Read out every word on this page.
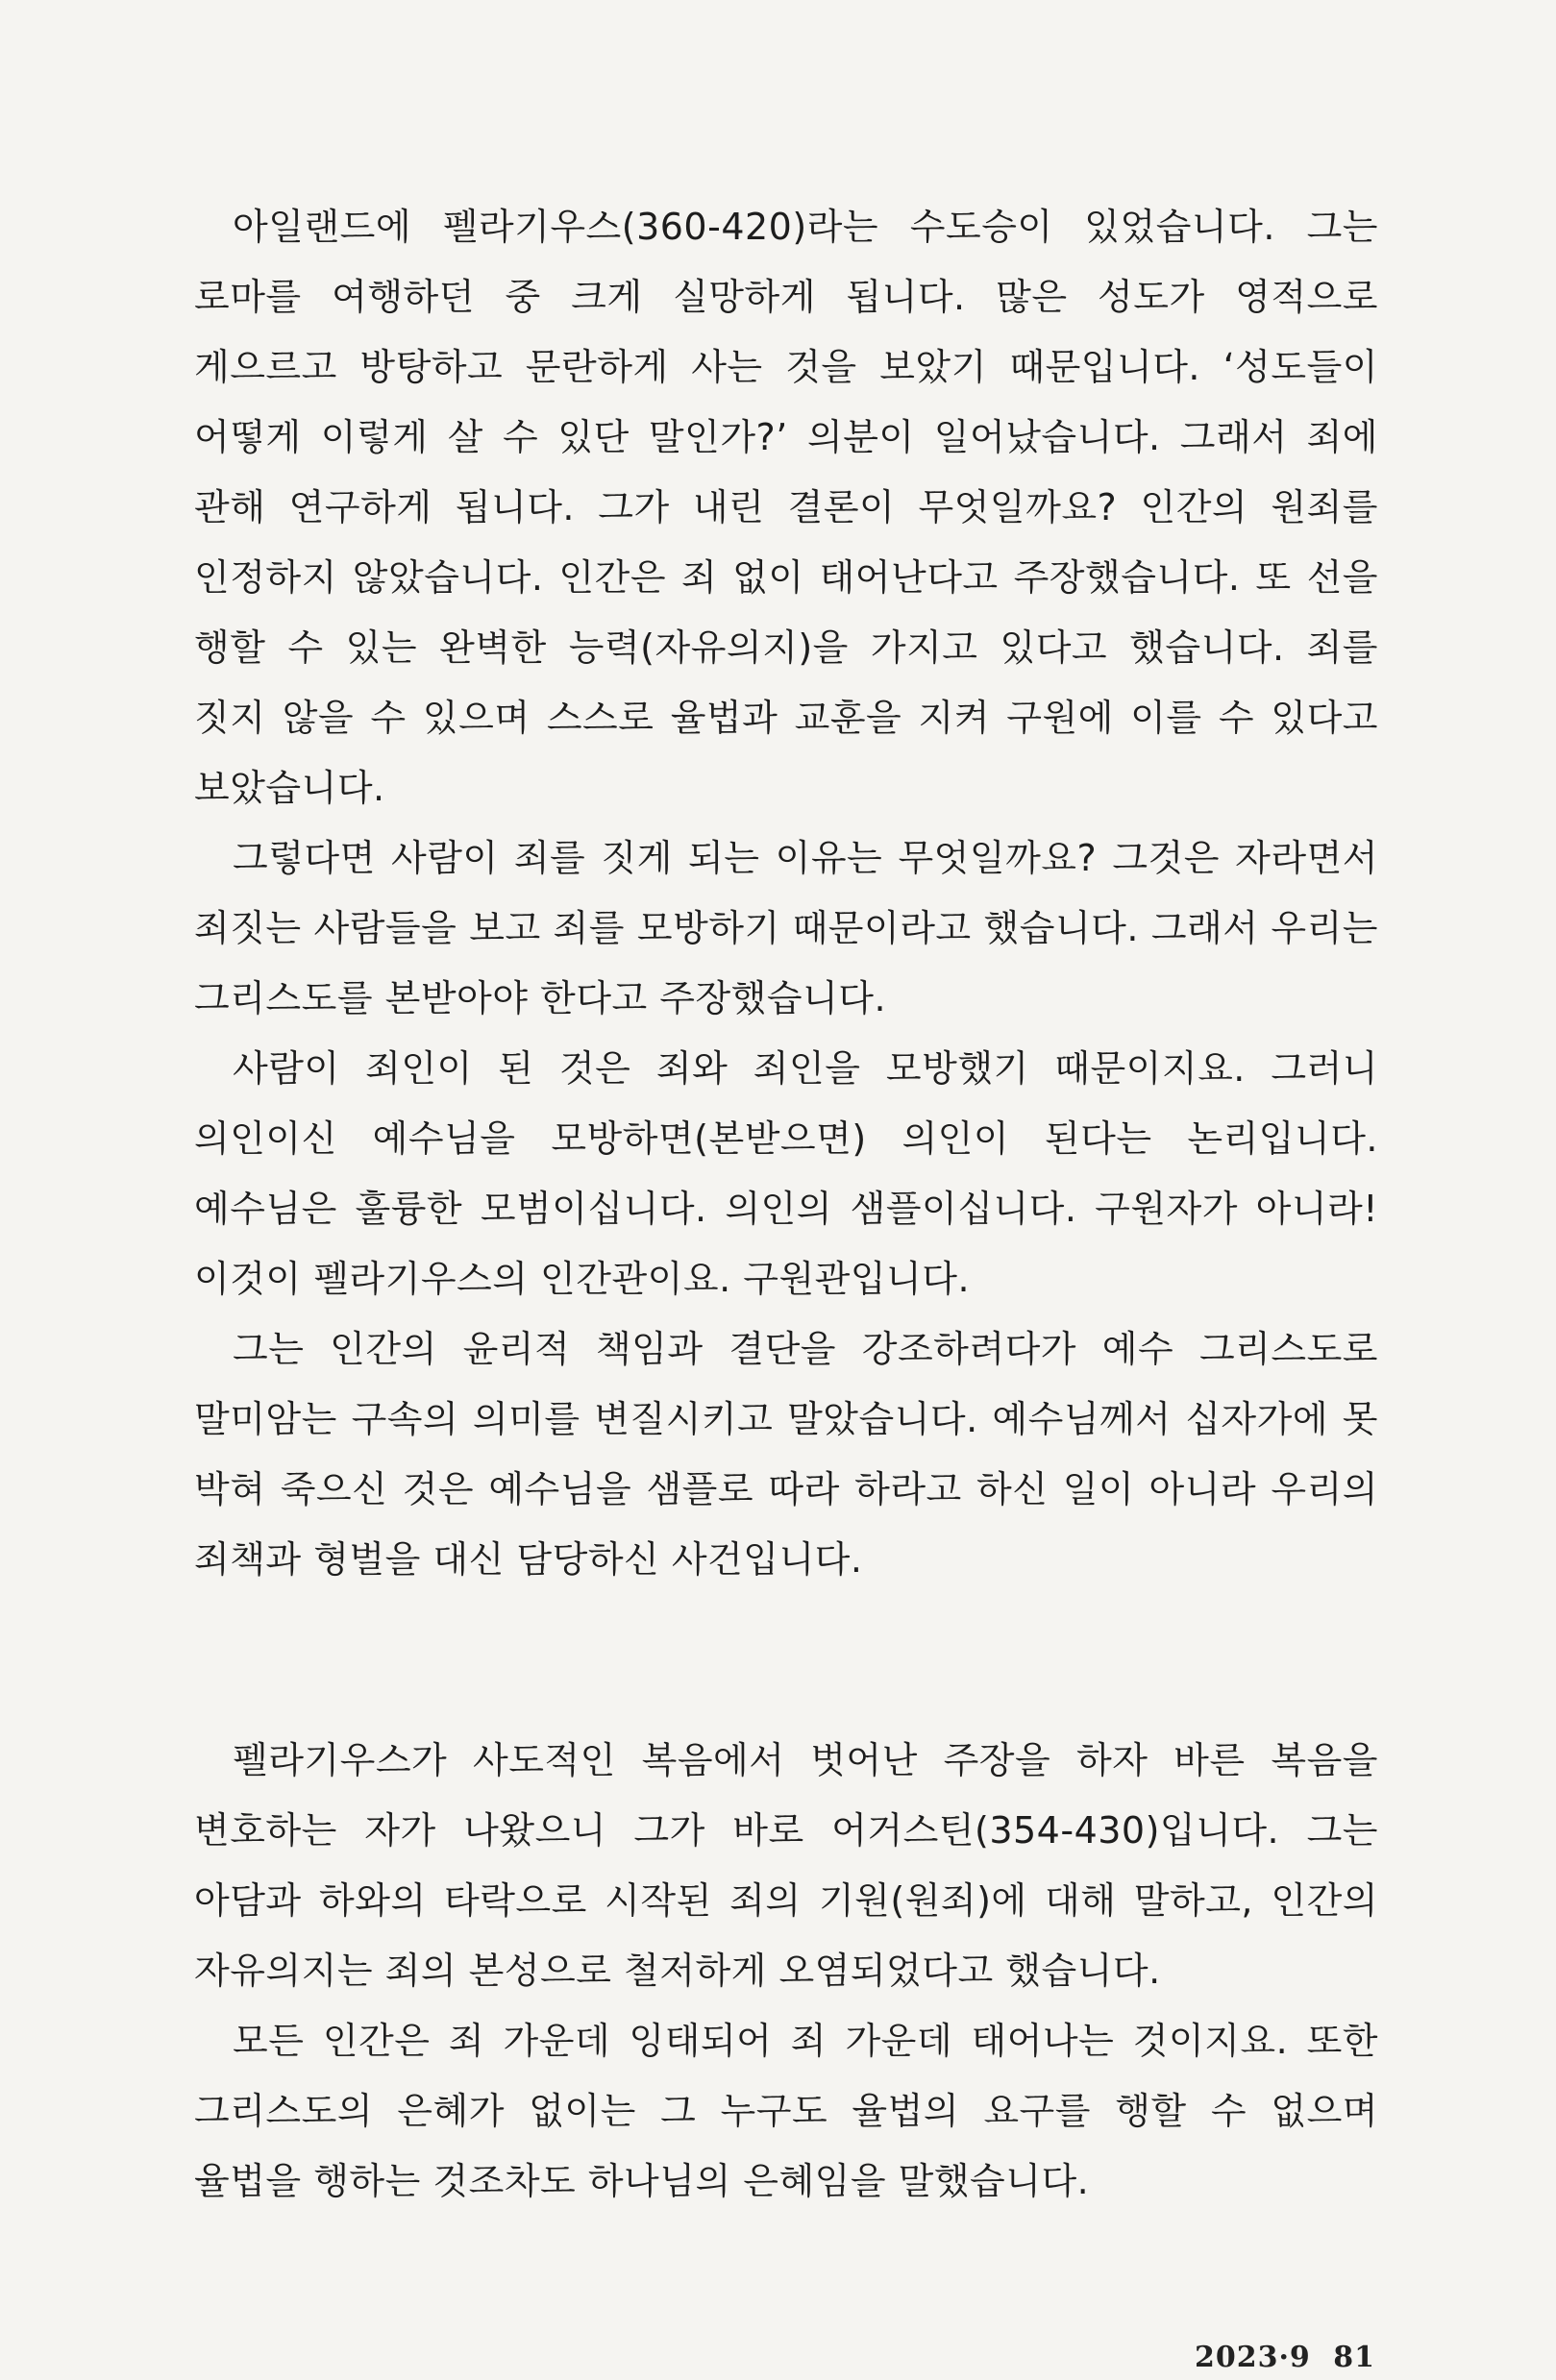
아일랜드에 펠라기우스(360-420)라는 수도승이 있었습니다. 그는 로마를 여행하던 중 크게 실망하게 됩니다. 많은 성도가 영적으로 게으르고 방탕하고 문란하게 사는 것을 보았기 때문입니다. ‘성도들이 어떻게 이렇게 살 수 있단 말인가?’ 의분이 일어났습니다. 그래서 죄에 관해 연구하게 됩니다. 그가 내린 결론이 무엇일까요? 인간의 원죄를 인정하지 않았습니다. 인간은 죄 없이 태어난다고 주장했습니다. 또 선을 행할 수 있는 완벽한 능력(자유의지)을 가지고 있다고 했습니다. 죄를 짓지 않을 수 있으며 스스로 율법과 교훈을 지켜 구원에 이를 수 있다고 보았습니다.

그렇다면 사람이 죄를 짓게 되는 이유는 무엇일까요? 그것은 자라면서 죄짓는 사람들을 보고 죄를 모방하기 때문이라고 했습니다. 그래서 우리는 그리스도를 본받아야 한다고 주장했습니다.

사람이 죄인이 된 것은 죄와 죄인을 모방했기 때문이지요. 그러니 의인이신 예수님을 모방하면(본받으면) 의인이 된다는 논리입니다. 예수님은 훌륭한 모범이십니다. 의인의 샘플이십니다. 구원자가 아니라! 이것이 펠라기우스의 인간관이요. 구원관입니다.

그는 인간의 윤리적 책임과 결단을 강조하려다가 예수 그리스도로 말미암는 구속의 의미를 변질시키고 말았습니다. 예수님께서 십자가에 못 박혀 죽으신 것은 예수님을 샘플로 따라 하라고 하신 일이 아니라 우리의 죄책과 형벌을 대신 담당하신 사건입니다.

펠라기우스가 사도적인 복음에서 벗어난 주장을 하자 바른 복음을 변호하는 자가 나왔으니 그가 바로 어거스틴(354-430)입니다. 그는 아담과 하와의 타락으로 시작된 죄의 기원(원죄)에 대해 말하고, 인간의 자유의지는 죄의 본성으로 철저하게 오염되었다고 했습니다.

모든 인간은 죄 가운데 잉태되어 죄 가운데 태어나는 것이지요. 또한 그리스도의 은혜가 없이는 그 누구도 율법의 요구를 행할 수 없으며 율법을 행하는 것조차도 하나님의 은혜임을 말했습니다.

2023·9 81
